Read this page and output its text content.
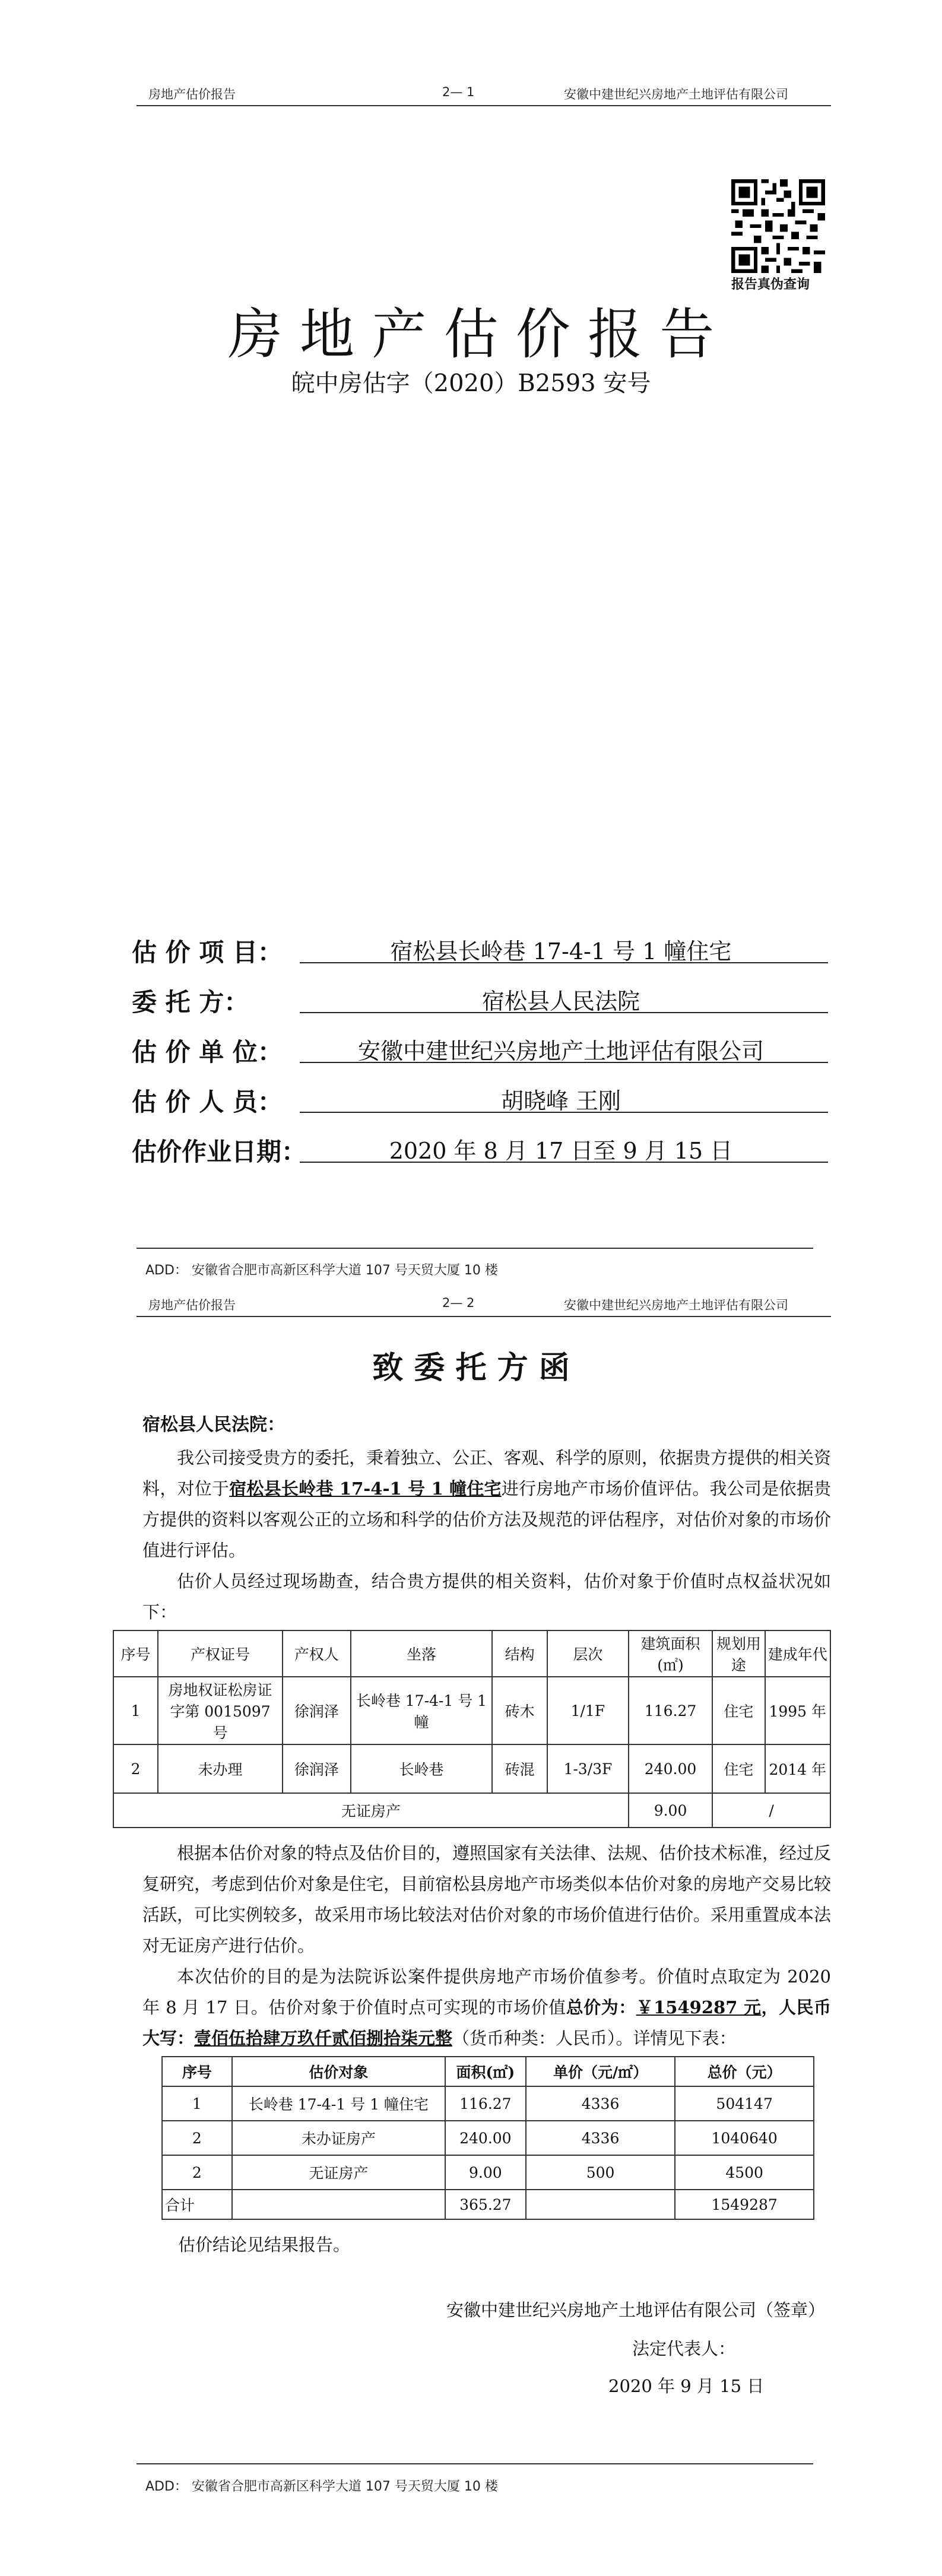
房地产估价报告	2— 1	安徽中建世纪兴房地产土地评估有限公司
报告真伪查询
房 地 产 估 价 报 告
皖中房估字（2020）B2593 安号
估 价 项 目：	宿松县长岭巷 17-4-1 号 1 幢住宅
委 托 方：	宿松县人民法院
估 价 单 位：	安徽中建世纪兴房地产土地评估有限公司
估 价 人 员：	胡晓峰 王刚
估价作业日期：	2020 年 8 月 17 日至 9 月 15 日
ADD： 安徽省合肥市高新区科学大道 107 号天贸大厦 10 楼
房地产估价报告	2— 2	安徽中建世纪兴房地产土地评估有限公司
致 委 托 方 函
宿松县人民法院：
我公司接受贵方的委托，秉着独立、公正、客观、科学的原则，依据贵方提供的相关资料，对位于宿松县长岭巷 17-4-1 号 1 幢住宅进行房地产市场价值评估。我公司是依据贵方提供的资料以客观公正的立场和科学的估价方法及规范的评估程序，对估价对象的市场价值进行评估。
估价人员经过现场勘查，结合贵方提供的相关资料，估价对象于价值时点权益状况如下：
序号	产权证号	产权人	坐落	结构	层次	建筑面积(㎡)	规划用途	建成年代
1	房地权证松房证字第 0015097 号	徐润泽	长岭巷 17-4-1 号 1 幢	砖木	1/1F	116.27	住宅	1995 年
2	未办理	徐润泽	长岭巷	砖混	1-3/3F	240.00	住宅	2014 年
无证房产						9.00	/	
根据本估价对象的特点及估价目的，遵照国家有关法律、法规、估价技术标准，经过反复研究，考虑到估价对象是住宅，目前宿松县房地产市场类似本估价对象的房地产交易比较活跃，可比实例较多，故采用市场比较法对估价对象的市场价值进行估价。采用重置成本法对无证房产进行估价。
本次估价的目的是为法院诉讼案件提供房地产市场价值参考。价值时点取定为 2020 年 8 月 17 日。估价对象于价值时点可实现的市场价值总价为：￥1549287 元，人民币大写：壹佰伍拾肆万玖仟贰佰捌拾柒元整（货币种类：人民币）。详情见下表：
序号	估价对象	面积(㎡)	单价（元/㎡）	总价（元）
1	长岭巷 17-4-1 号 1 幢住宅	116.27	4336	504147
2	未办证房产	240.00	4336	1040640
2	无证房产	9.00	500	4500
合计		365.27		1549287
估价结论见结果报告。
安徽中建世纪兴房地产土地评估有限公司（签章）
法定代表人：
2020 年 9 月 15 日
ADD： 安徽省合肥市高新区科学大道 107 号天贸大厦 10 楼
